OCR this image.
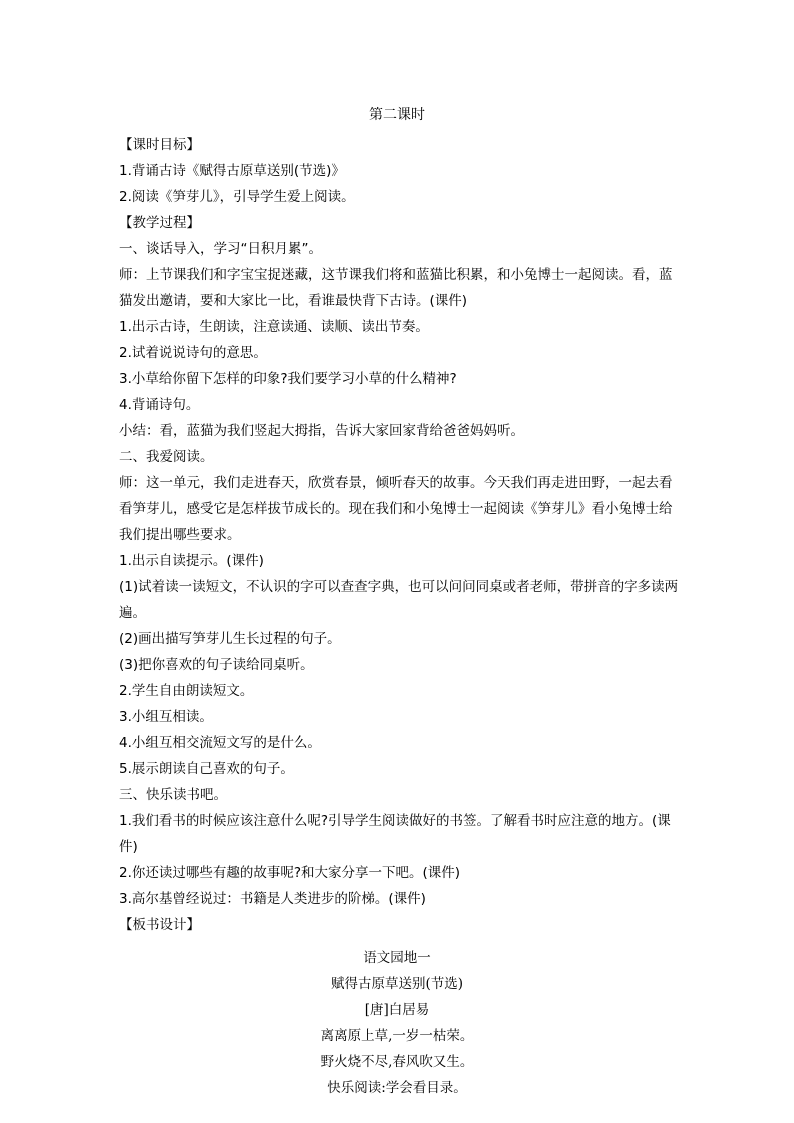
第二课时
【课时目标】
1.背诵古诗《赋得古原草送别(节选)》
2.阅读《笋芽儿》，引导学生爱上阅读。
【教学过程】
一、谈话导入，学习“日积月累”。
师：上节课我们和字宝宝捉迷藏，这节课我们将和蓝猫比积累，和小兔博士一起阅读。看，蓝猫发出邀请，要和大家比一比，看谁最快背下古诗。(课件)
1.出示古诗，生朗读，注意读通、读顺、读出节奏。
2.试着说说诗句的意思。
3.小草给你留下怎样的印象?我们要学习小草的什么精神?
4.背诵诗句。
小结：看，蓝猫为我们竖起大拇指，告诉大家回家背给爸爸妈妈听。
二、我爱阅读。
师：这一单元，我们走进春天，欣赏春景，倾听春天的故事。今天我们再走进田野，一起去看看笋芽儿，感受它是怎样拔节成长的。现在我们和小兔博士一起阅读《笋芽儿》看小兔博士给我们提出哪些要求。
1.出示自读提示。(课件)
(1)试着读一读短文，不认识的字可以查查字典，也可以问问同桌或者老师，带拼音的字多读两遍。
(2)画出描写笋芽儿生长过程的句子。
(3)把你喜欢的句子读给同桌听。
2.学生自由朗读短文。
3.小组互相读。
4.小组互相交流短文写的是什么。
5.展示朗读自己喜欢的句子。
三、快乐读书吧。
1.我们看书的时候应该注意什么呢?引导学生阅读做好的书签。了解看书时应注意的地方。(课件)
2.你还读过哪些有趣的故事呢?和大家分享一下吧。(课件)
3.高尔基曾经说过：书籍是人类进步的阶梯。(课件)
【板书设计】
语文园地一
赋得古原草送别(节选)
[唐]白居易
离离原上草,一岁一枯荣。
野火烧不尽,春风吹又生。
快乐阅读:学会看目录。
